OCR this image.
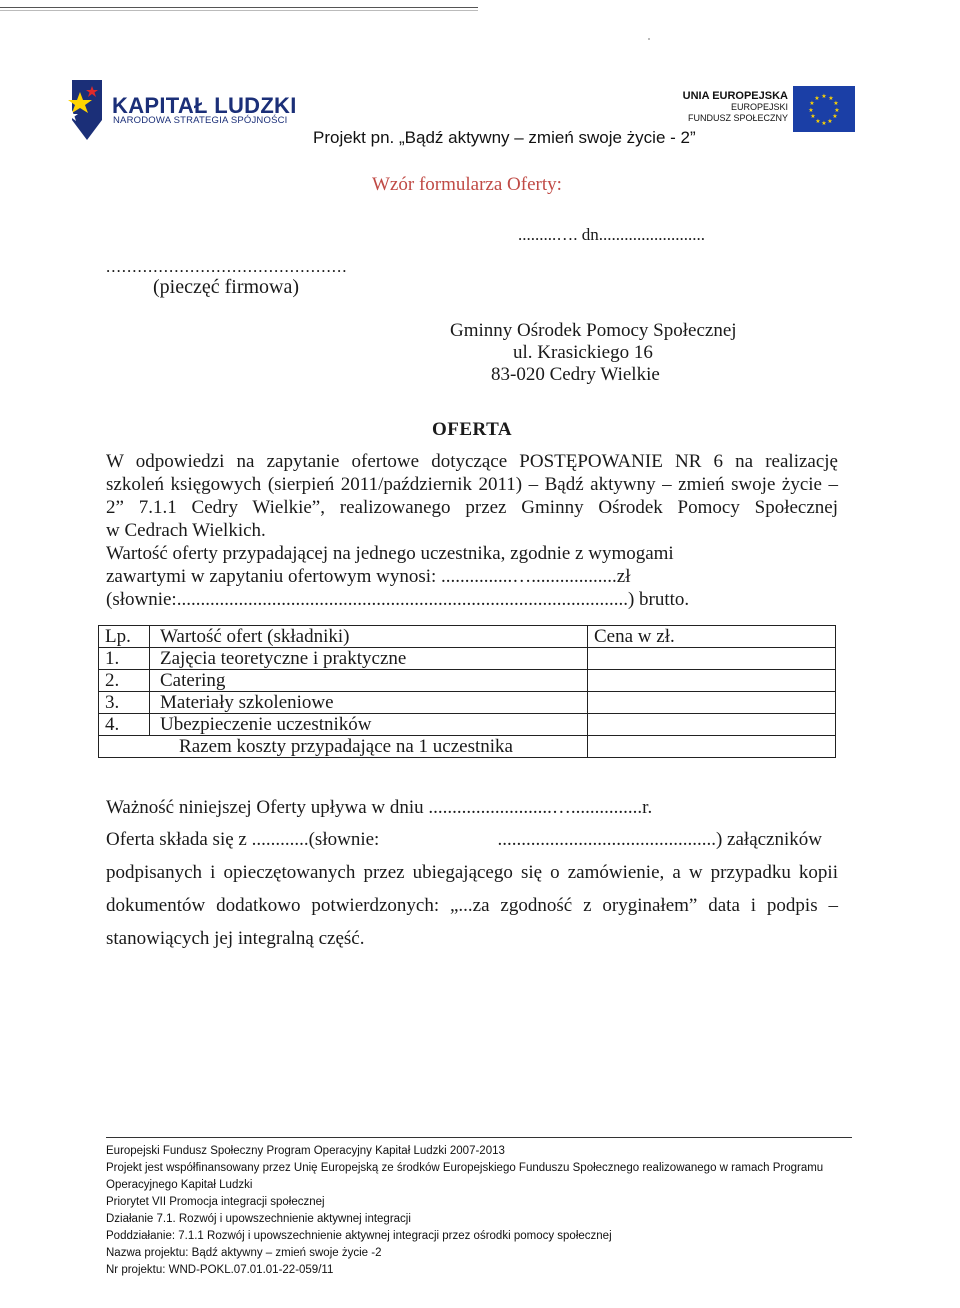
KAPITAŁ LUDZKI
NARODOWA STRATEGIA SPÓJNOŚCI
UNIA EUROPEJSKA
EUROPEJSKI
FUNDUSZ SPOŁECZNY
★ ★
★
★
★
★
★
★
★
★
★
★
Projekt pn. „Bądź aktywny – zmień swoje życie - 2”
Wzór formularza Oferty:
.........…. dn.........................
..............................................
(pieczęć firmowa)
Gminny Ośrodek Pomocy Społecznej
ul. Krasickiego 16
83-020 Cedry Wielkie
OFERTA
W odpowiedzi na zapytanie ofertowe dotyczące POSTĘPOWANIE NR 6 na realizację
szkoleń księgowych (sierpień 2011/październik 2011) – Bądź aktywny – zmień swoje życie –
2” 7.1.1 Cedry Wielkie”, realizowanego przez Gminny Ośrodek Pomocy Społecznej
w Cedrach Wielkich.
Wartość oferty przypadającej na jednego uczestnika, zgodnie z wymogami
zawartymi w zapytaniu ofertowym wynosi: ...............…..................zł
(słownie:...............................................................................................) brutto.
Lp.	Wartość ofert (składniki)	Cena w zł.
1.	Zajęcia teoretyczne i praktyczne	
2.	Catering	
3.	Materiały szkoleniowe	
4.	Ubezpieczenie uczestników	
Razem koszty przypadające na 1 uczestnika		
Ważność niniejszej Oferty upływa w dniu ..........................…...............r.
Oferta składa się z ............(słownie:	..............................................) załączników
podpisanych i opieczętowanych przez ubiegającego się o zamówienie, a w przypadku kopii
dokumentów dodatkowo potwierdzonych: „...za zgodność z oryginałem” data i podpis –
stanowiących jej integralną część.
Europejski Fundusz Społeczny Program Operacyjny Kapitał Ludzki 2007-2013
Projekt jest współfinansowany przez Unię Europejską ze środków Europejskiego Funduszu Społecznego realizowanego w ramach Programu
Operacyjnego Kapitał Ludzki
Priorytet VII Promocja integracji społecznej
Działanie 7.1. Rozwój i upowszechnienie aktywnej integracji
Poddziałanie: 7.1.1 Rozwój i upowszechnienie aktywnej integracji przez ośrodki pomocy społecznej
Nazwa projektu: Bądź aktywny – zmień swoje życie -2
Nr projektu: WND-POKL.07.01.01-22-059/11
